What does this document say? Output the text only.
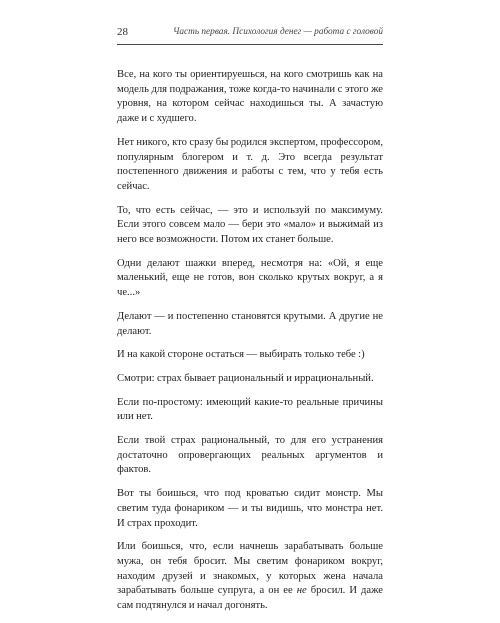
28	Часть первая. Психология денег — работа с головой

Все, на кого ты ориентируешься, на кого смотришь как на модель для подражания, тоже когда-то начинали с этого же уровня, на котором сейчас находишься ты. А зачастую даже и с худшего.

Нет никого, кто сразу бы родился экспертом, профессором, популярным блогером и т. д. Это всегда результат постепенного движения и работы с тем, что у тебя есть сейчас.

То, что есть сейчас, — это и используй по максимуму. Если этого совсем мало — бери это «мало» и выжимай из него все возможности. Потом их станет больше.

Одни делают шажки вперед, несмотря на: «Ой, я еще маленький, еще не готов, вон сколько крутых вокруг, а я че...»

Делают — и постепенно становятся крутыми. А другие не делают.

И на какой стороне остаться — выбирать только тебе :)

Смотри: страх бывает рациональный и иррациональный.

Если по-простому: имеющий какие-то реальные причины или нет.

Если твой страх рациональный, то для его устранения достаточно опровергающих реальных аргументов и фактов.

Вот ты боишься, что под кроватью сидит монстр. Мы светим туда фонариком — и ты видишь, что монстра нет. И страх проходит.

Или боишься, что, если начнешь зарабатывать больше мужа, он тебя бросит. Мы светим фонариком вокруг, находим друзей и знакомых, у которых жена начала зарабатывать больше супруга, а он ее не бросил. И даже сам подтянулся и начал догонять.
